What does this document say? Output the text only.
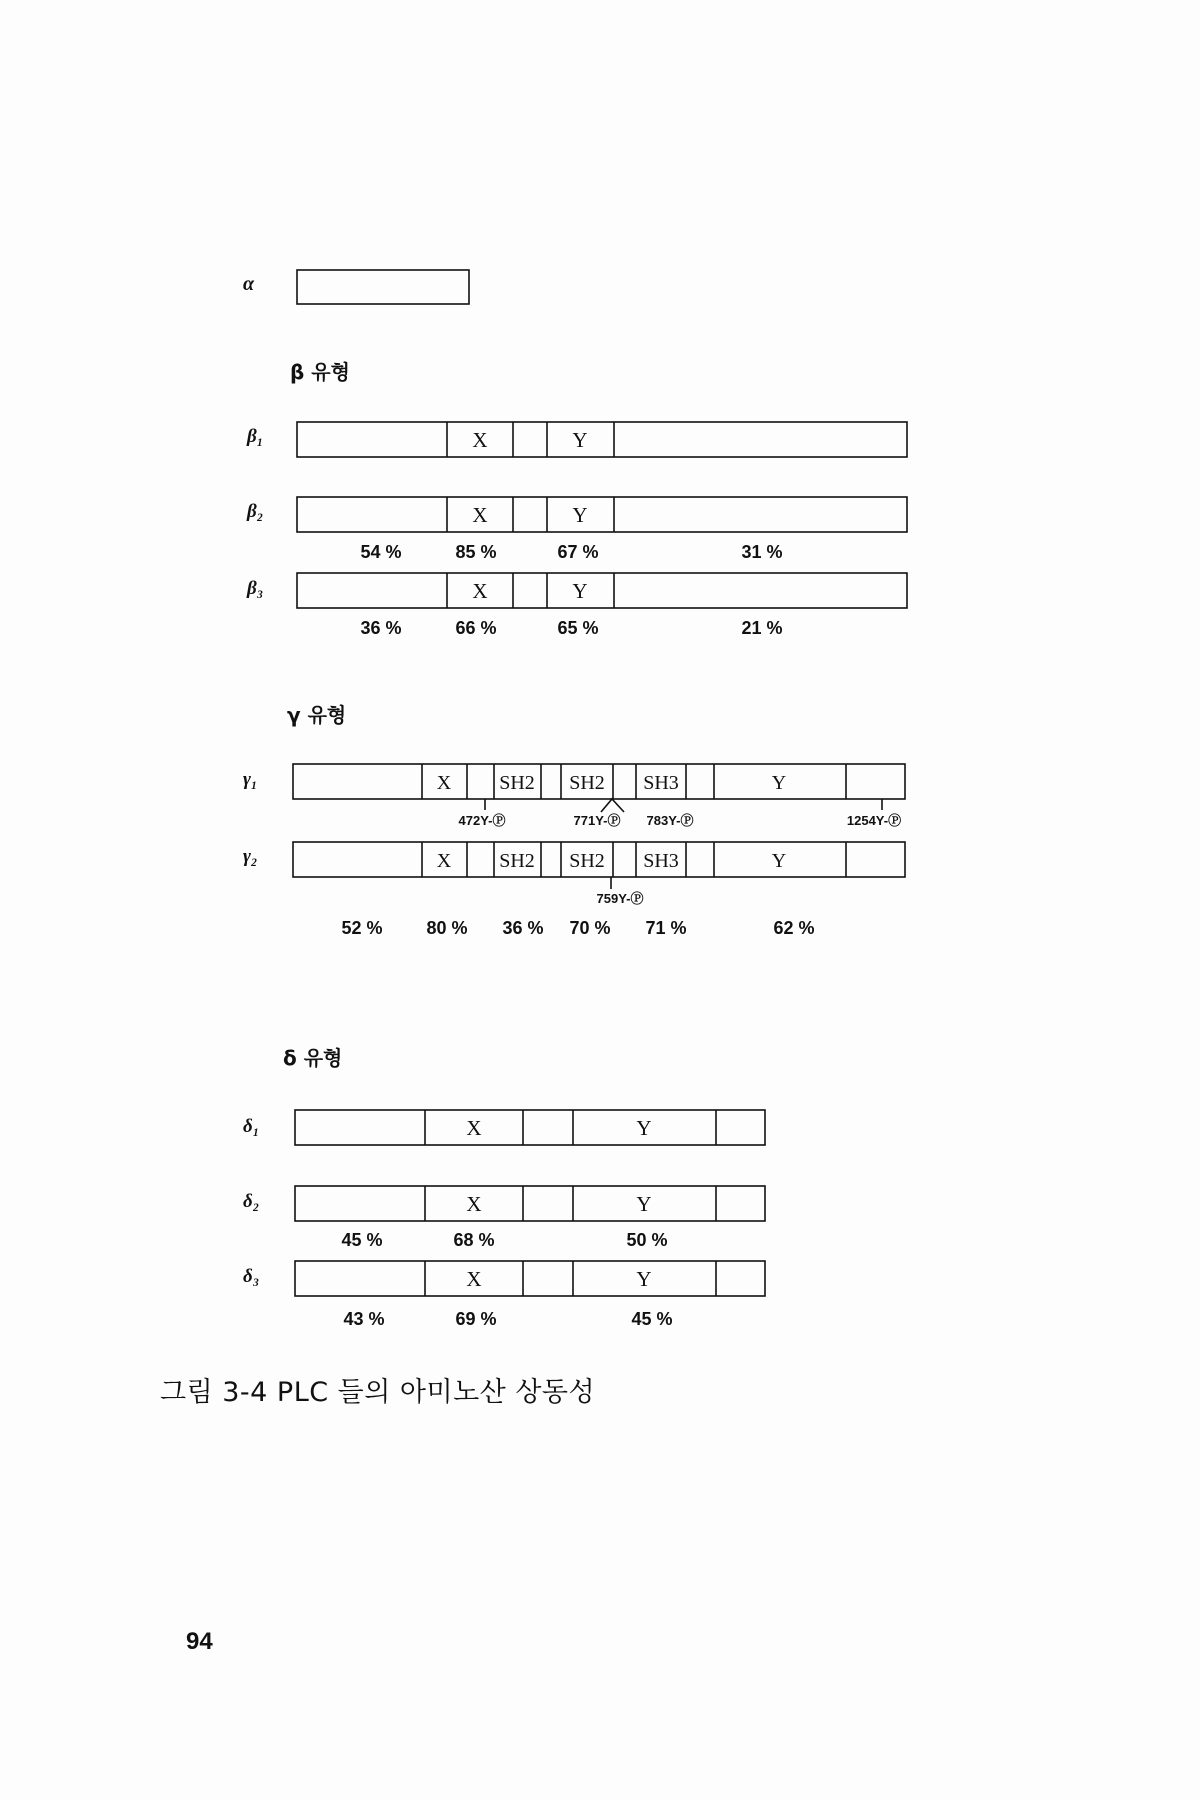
α
β 유형
β₁	X	Y
β₂	X	Y
54 %	85 %	67 %	31 %
β₃	X	Y
36 %	66 %	65 %	21 %
γ 유형
γ₁	X SH2 SH2 SH3	Y
472Y-Ⓟ	771Y-Ⓟ 783Y-Ⓟ	1254Y-Ⓟ
γ₂	X SH2 SH2 SH3	Y
759Y-Ⓟ
52 % 80 % 36 % 70 % 71 %	62 %
δ 유형
δ₁	X	Y
δ₂	X	Y
45 %	68 %	50 %
δ₃	X	Y
43 %	69 %	45 %
그림 3-4 PLC 들의 아미노산 상동성
94
